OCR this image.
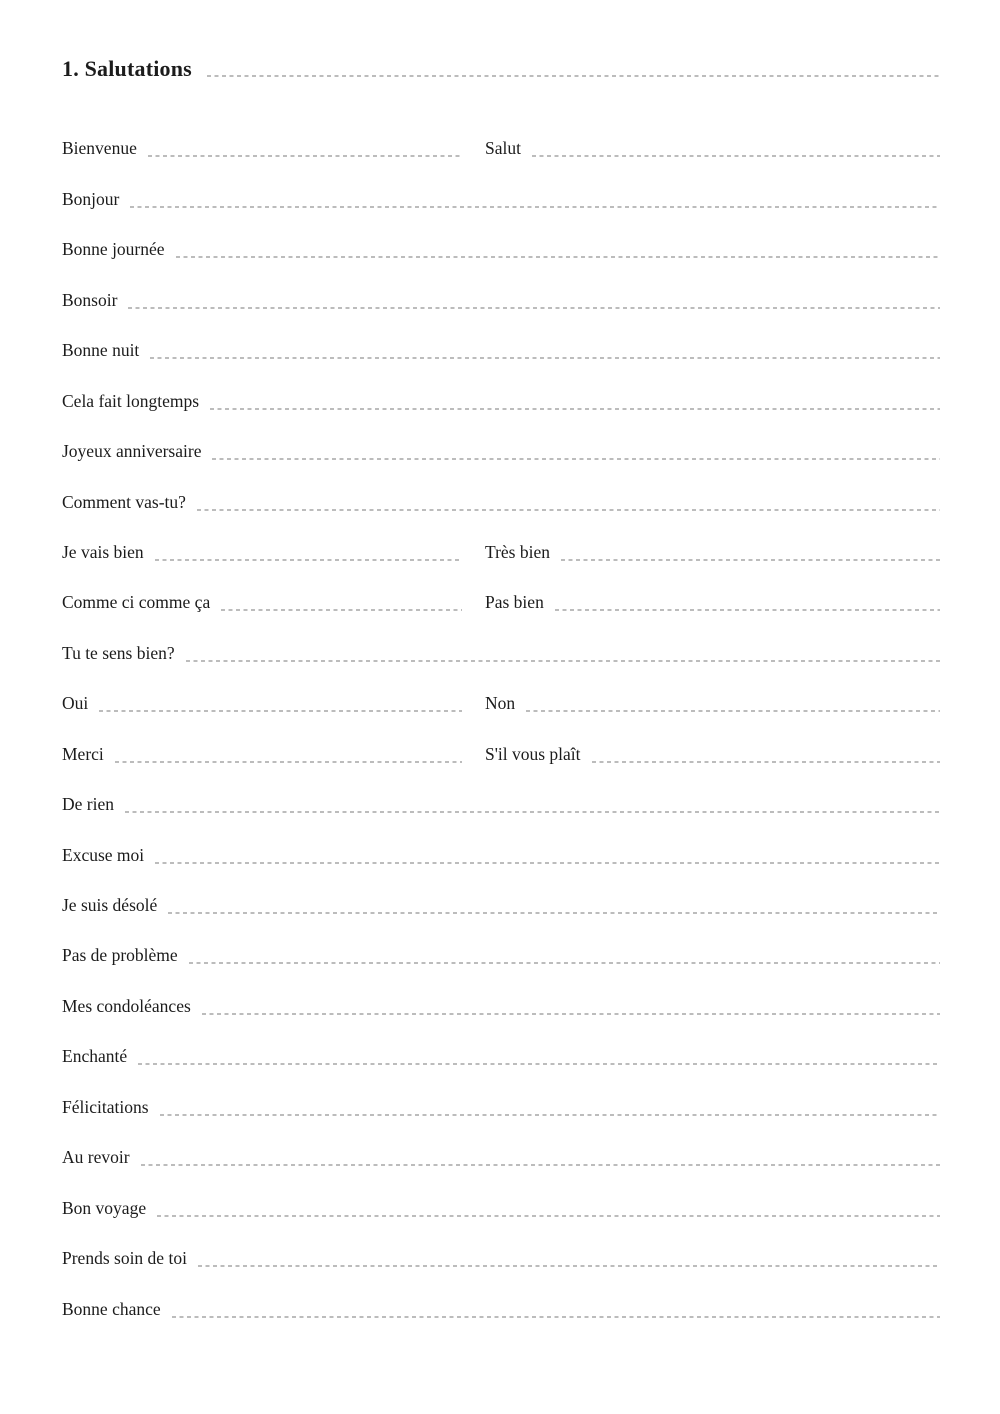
1. Salutations
Bienvenue	Salut
Bonjour
Bonne journée
Bonsoir
Bonne nuit
Cela fait longtemps
Joyeux anniversaire
Comment vas-tu?
Je vais bien	Très bien
Comme ci comme ça	Pas bien
Tu te sens bien?
Oui	Non
Merci	S'il vous plaît
De rien
Excuse moi
Je suis désolé
Pas de problème
Mes condoléances
Enchanté
Félicitations
Au revoir
Bon voyage
Prends soin de toi
Bonne chance
